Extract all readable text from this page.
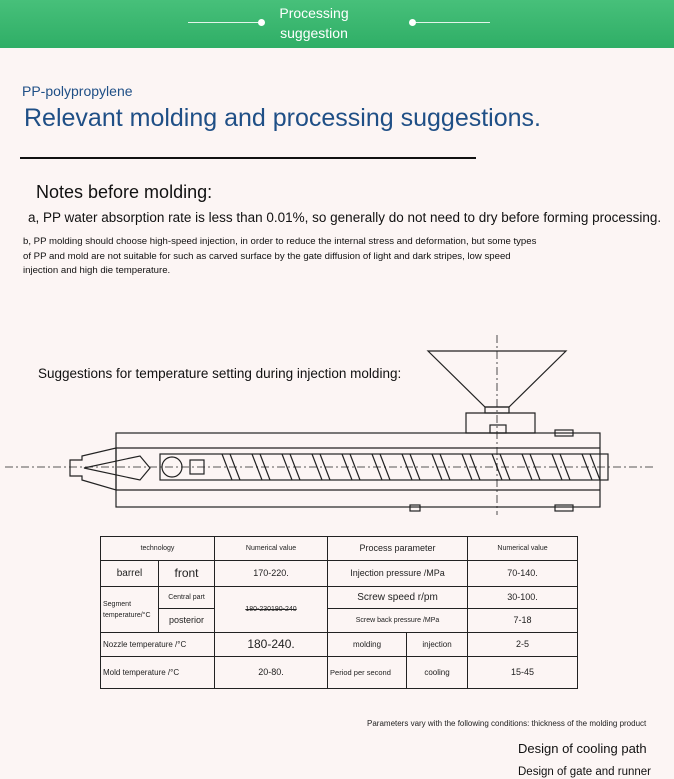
Processing
suggestion
PP-polypropylene
Relevant molding and processing suggestions.
Notes before molding:
a, PP water absorption rate is less than 0.01%, so generally do not need to dry before forming processing.
b, PP molding should choose high-speed injection, in order to reduce the internal stress and deformation, but some types of PP and mold are not suitable for such as carved surface by the gate diffusion of light and dark stripes, low speed injection and high die temperature.
Suggestions for temperature setting during injection molding:
technology		Numerical value	Process parameter		Numerical value
barrel	front	170-220.	Injection pressure /MPa		70-140.
Segment temperature/°C	Central part	180-230190-240	Screw speed r/pm		30-100.
	posterior		Screw back pressure /MPa		7-18
Nozzle temperature /°C		180-240.	molding	injection	2-5
Mold temperature /°C		20-80.	Period per second	cooling	15-45
Parameters vary with the following conditions: thickness of the molding product
Design of cooling path
Design of gate and runner
